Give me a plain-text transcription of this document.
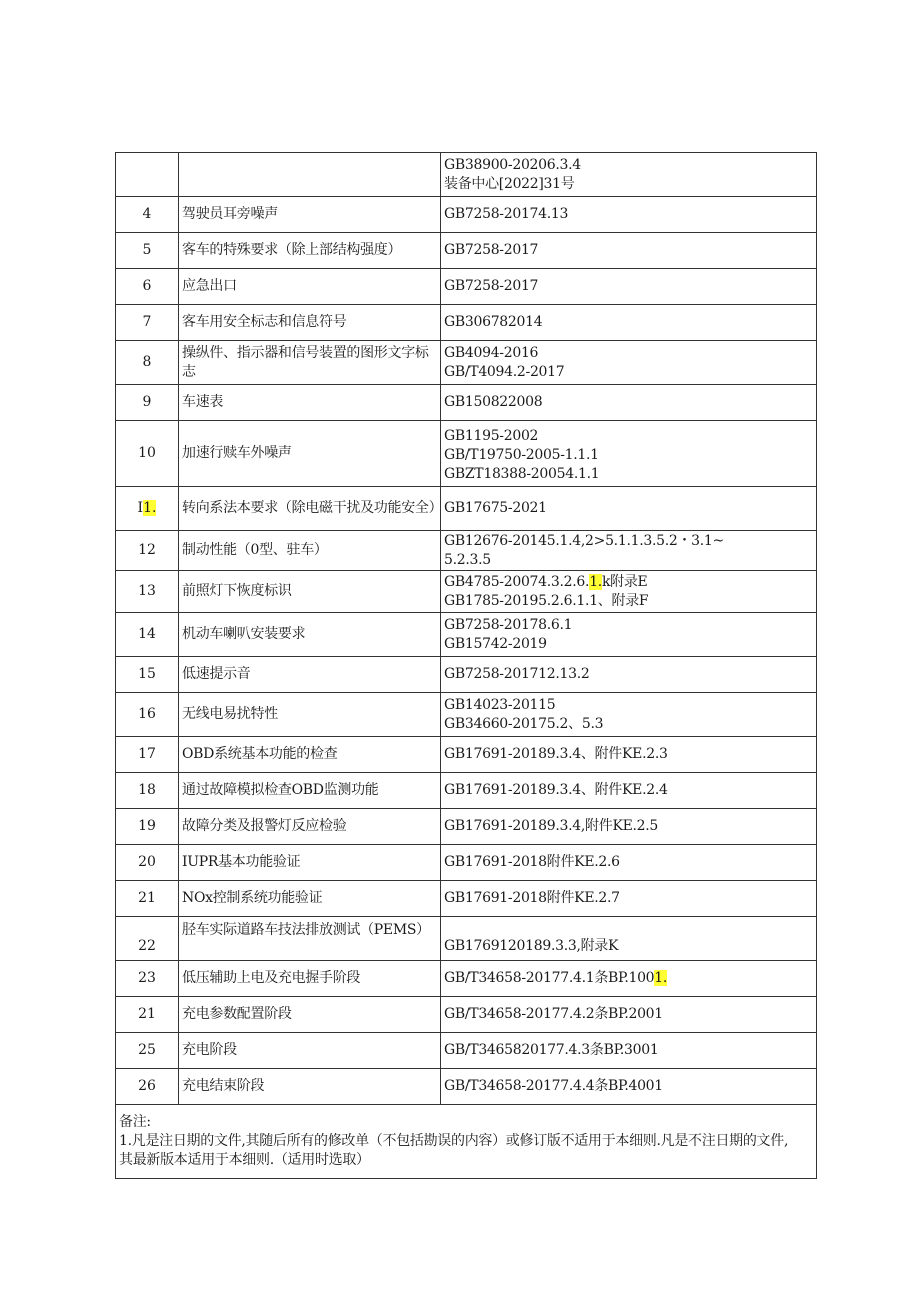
		GB38900-20206.3.4
装备中心[2022]31号

4	驾驶员耳旁噪声	GB7258-20174.13

5	客车的特殊要求（除上部结构强度）	GB7258-2017

6	应急出口	GB7258-2017

7	客车用安全标志和信息符号	GB306782014

8	操纵件、指示器和信号装置的图形文字标志	GB4094-2016
GB/T4094.2-2017

9	车速表	GB150822008

10	加速行赎车外噪声	GB1195-2002
GB/T19750-2005-1.1.1
GBZT18388-20054.1.1

I1.	转向系法本要求（除电磁干扰及功能安全）	GB17675-2021

12	制动性能（0型、驻车）	GB12676-20145.1.4,2>5.1.1.3.5.2・3.1~
5.2.3.5

13	前照灯下恢度标识	GB4785-20074.3.2.6.1.k附录E
GB1785-20195.2.6.1.1、附录F

14	机动车喇叭安装要求	GB7258-20178.6.1
GB15742-2019

15	低速提示音	GB7258-201712.13.2

16	无线电易扰特性	GB14023-20115
GB34660-20175.2、5.3

17	OBD系统基本功能的检查	GB17691-20189.3.4、附件KE.2.3

18	通过故障模拟检查OBD监测功能	GB17691-20189.3.4、附件KE.2.4

19	故障分类及报警灯反应检验	GB17691-20189.3.4,附件KE.2.5

20	IUPR基本功能验证	GB17691-2018附件KE.2.6

21	NOx控制系统功能验证	GB17691-2018附件KE.2.7

22	胫车实际道路车技法排放测试（PEMS）	GB1769120189.3.3,附录K

23	低压辅助上电及充电握手阶段	GB/T34658-20177.4.1条BP.1001.

21	充电参数配置阶段	GB/T34658-20177.4.2条BP.2001

25	充电阶段	GB/T3465820177.4.3条BP.3001

26	充电结束阶段	GB/T34658-20177.4.4条BP.4001

备注:
1.凡是注日期的文件,其随后所有的修改单（不包括勘误的内容）或修订版不适用于本细则.凡是不注日期的文件,
其最新版本适用于本细则.（适用时选取）		
